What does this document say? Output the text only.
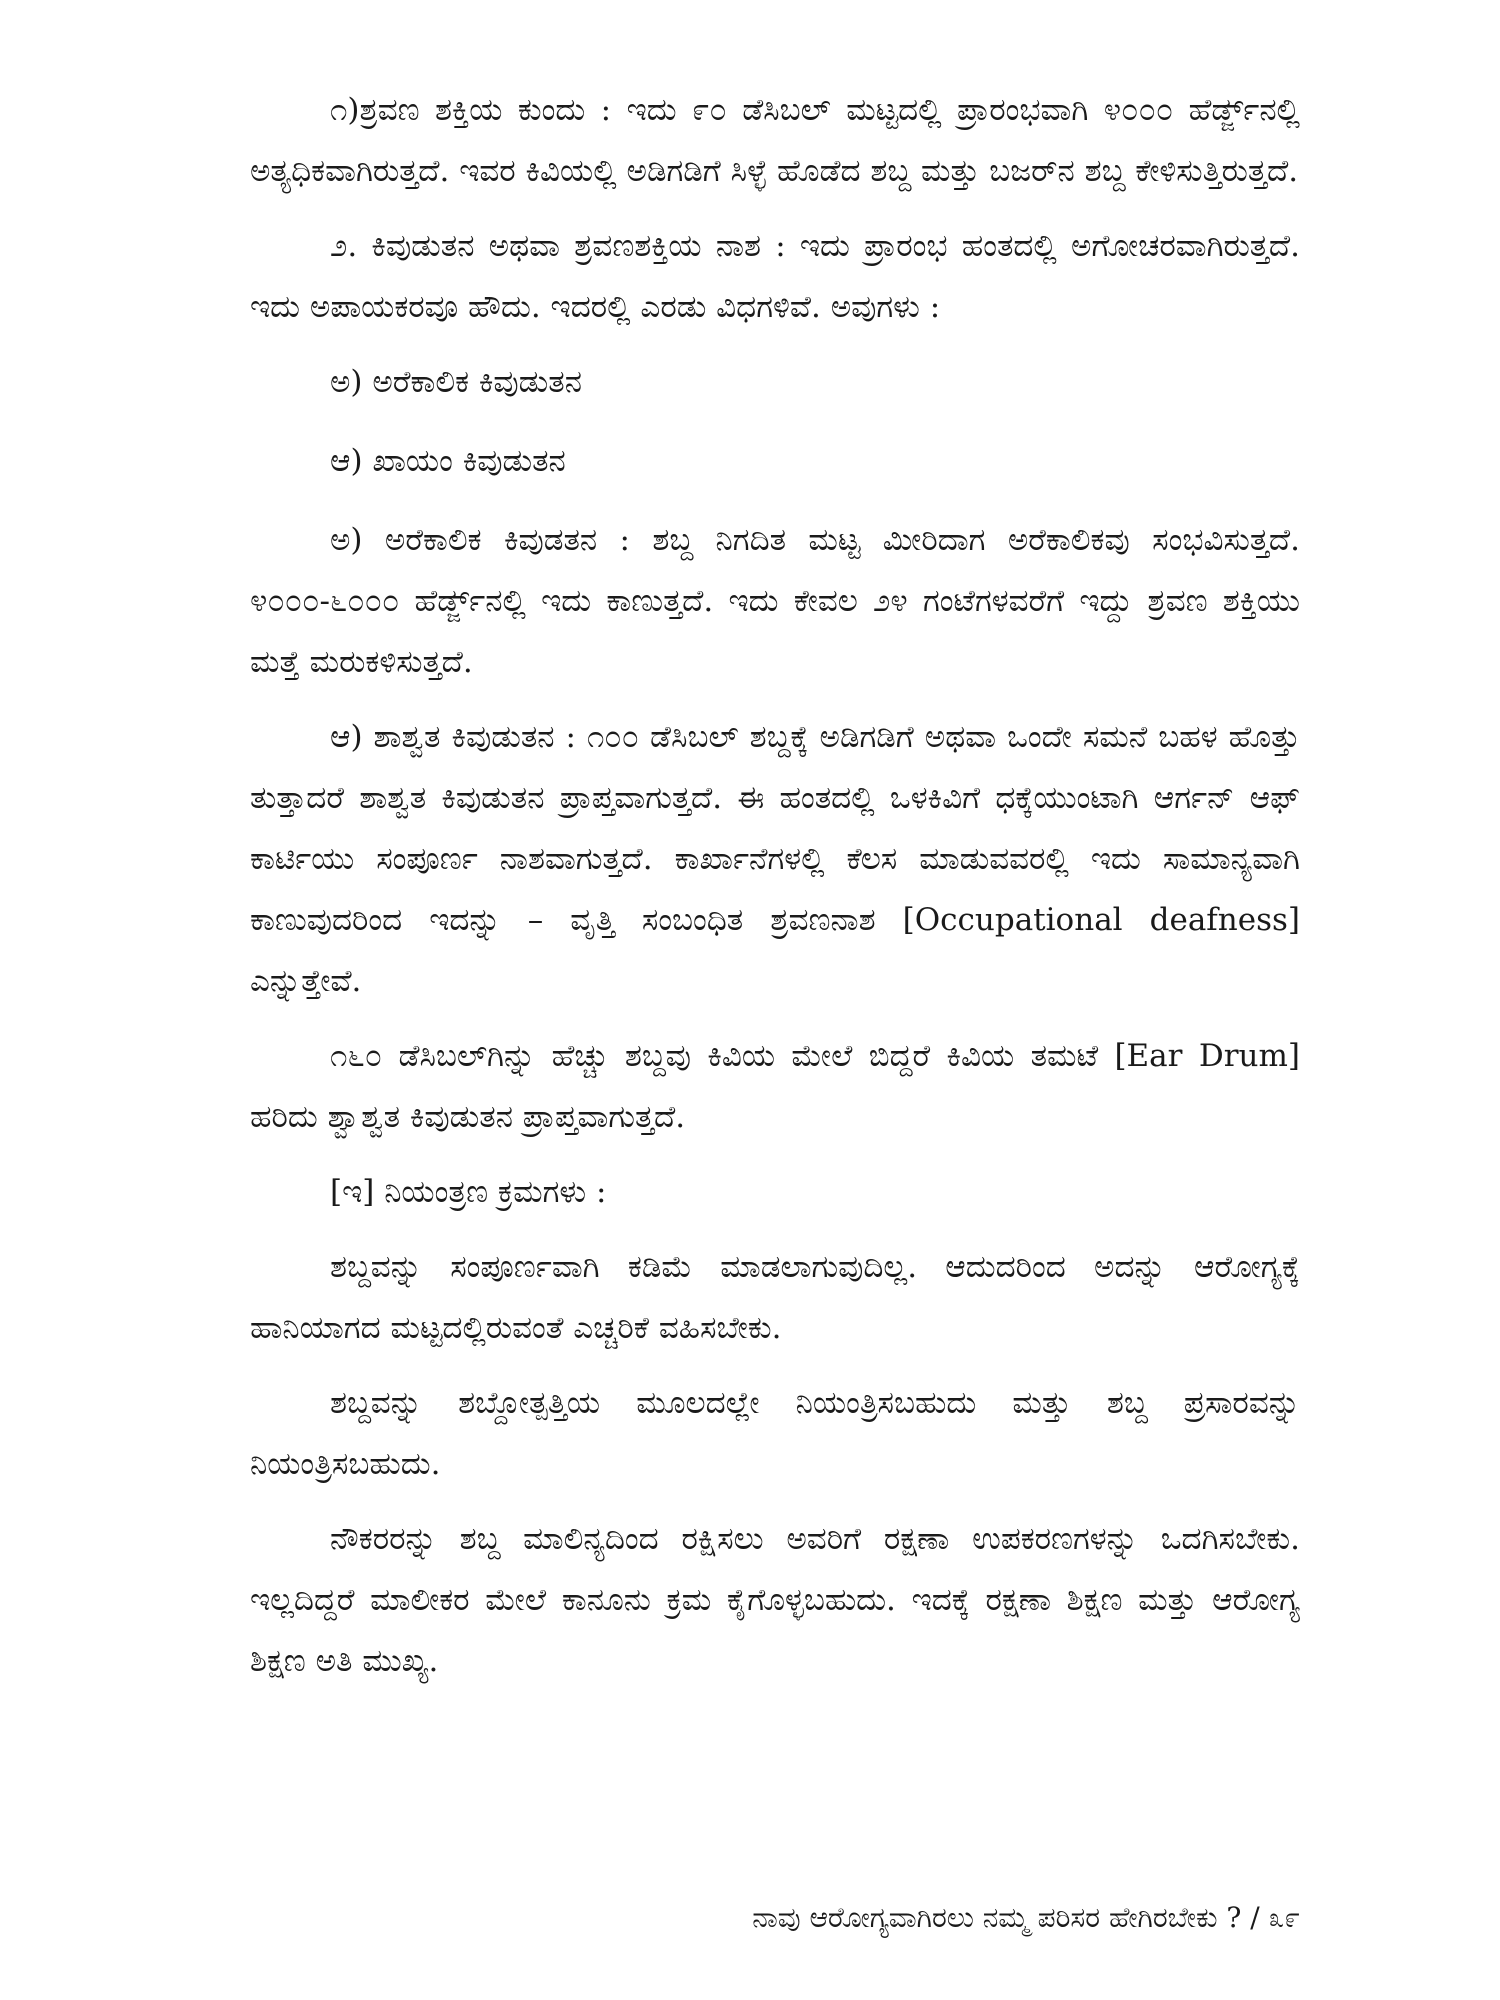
೧)ಶ್ರವಣ ಶಕ್ತಿಯ ಕುಂದು : ಇದು ೯೦ ಡೆಸಿಬಲ್ ಮಟ್ಟದಲ್ಲಿ ಪ್ರಾರಂಭವಾಗಿ ೪೦೦೦ ಹೆರ್ಡ್ಜ್‌ನಲ್ಲಿ ಅತ್ಯಧಿಕವಾಗಿರುತ್ತದೆ. ಇವರ ಕಿವಿಯಲ್ಲಿ ಅಡಿಗಡಿಗೆ ಸಿಳ್ಳೆ ಹೊಡೆದ ಶಬ್ದ ಮತ್ತು ಬಜರ್‌ನ ಶಬ್ದ ಕೇಳಿಸುತ್ತಿರುತ್ತದೆ.

೨. ಕಿವುಡುತನ ಅಥವಾ ಶ್ರವಣಶಕ್ತಿಯ ನಾಶ : ಇದು ಪ್ರಾರಂಭ ಹಂತದಲ್ಲಿ ಅಗೋಚರವಾಗಿರುತ್ತದೆ. ಇದು ಅಪಾಯಕರವೂ ಹೌದು. ಇದರಲ್ಲಿ ಎರಡು ವಿಧಗಳಿವೆ. ಅವುಗಳು :

ಅ) ಅರೆಕಾಲಿಕ ಕಿವುಡುತನ

ಆ) ಖಾಯಂ ಕಿವುಡುತನ

ಅ) ಅರೆಕಾಲಿಕ ಕಿವುಡತನ : ಶಬ್ದ ನಿಗದಿತ ಮಟ್ಟ ಮೀರಿದಾಗ ಅರೆಕಾಲಿಕವು ಸಂಭವಿಸುತ್ತದೆ. ೪೦೦೦-೬೦೦೦ ಹೆರ್ಡ್ಜ್‌ನಲ್ಲಿ ಇದು ಕಾಣುತ್ತದೆ. ಇದು ಕೇವಲ ೨೪ ಗಂಟೆಗಳವರೆಗೆ ಇದ್ದು ಶ್ರವಣ ಶಕ್ತಿಯು ಮತ್ತೆ ಮರುಕಳಿಸುತ್ತದೆ.

ಆ) ಶಾಶ್ವತ ಕಿವುಡುತನ : ೧೦೦ ಡೆಸಿಬಲ್ ಶಬ್ದಕ್ಕೆ ಅಡಿಗಡಿಗೆ ಅಥವಾ ಒಂದೇ ಸಮನೆ ಬಹಳ ಹೊತ್ತು ತುತ್ತಾದರೆ ಶಾಶ್ವತ ಕಿವುಡುತನ ಪ್ರಾಪ್ತವಾಗುತ್ತದೆ. ಈ ಹಂತದಲ್ಲಿ ಒಳಕಿವಿಗೆ ಧಕ್ಕೆಯುಂಟಾಗಿ ಆರ್ಗನ್ ಆಫ್ ಕಾರ್ಟಿಯು ಸಂಪೂರ್ಣ ನಾಶವಾಗುತ್ತದೆ. ಕಾರ್ಖಾನೆಗಳಲ್ಲಿ ಕೆಲಸ ಮಾಡುವವರಲ್ಲಿ ಇದು ಸಾಮಾನ್ಯವಾಗಿ ಕಾಣುವುದರಿಂದ ಇದನ್ನು – ವೃತ್ತಿ ಸಂಬಂಧಿತ ಶ್ರವಣನಾಶ [Occupational deafness] ಎನ್ನುತ್ತೇವೆ.

೧೬೦ ಡೆಸಿಬಲ್‌ಗಿನ್ನು ಹೆಚ್ಚು ಶಬ್ದವು ಕಿವಿಯ ಮೇಲೆ ಬಿದ್ದರೆ ಕಿವಿಯ ತಮಟೆ [Ear Drum] ಹರಿದು ಶ್ವಾಶ್ವತ ಕಿವುಡುತನ ಪ್ರಾಪ್ತವಾಗುತ್ತದೆ.

[ಇ] ನಿಯಂತ್ರಣ ಕ್ರಮಗಳು :

ಶಬ್ದವನ್ನು ಸಂಪೂರ್ಣವಾಗಿ ಕಡಿಮೆ ಮಾಡಲಾಗುವುದಿಲ್ಲ. ಆದುದರಿಂದ ಅದನ್ನು ಆರೋಗ್ಯಕ್ಕೆ ಹಾನಿಯಾಗದ ಮಟ್ಟದಲ್ಲಿರುವಂತೆ ಎಚ್ಚರಿಕೆ ವಹಿಸಬೇಕು.

ಶಬ್ದವನ್ನು ಶಬ್ದೋತ್ಪತ್ತಿಯ ಮೂಲದಲ್ಲೇ ನಿಯಂತ್ರಿಸಬಹುದು ಮತ್ತು ಶಬ್ದ ಪ್ರಸಾರವನ್ನು ನಿಯಂತ್ರಿಸಬಹುದು.

ನೌಕರರನ್ನು ಶಬ್ದ ಮಾಲಿನ್ಯದಿಂದ ರಕ್ಷಿಸಲು ಅವರಿಗೆ ರಕ್ಷಣಾ ಉಪಕರಣಗಳನ್ನು ಒದಗಿಸಬೇಕು. ಇಲ್ಲದಿದ್ದರೆ ಮಾಲೀಕರ ಮೇಲೆ ಕಾನೂನು ಕ್ರಮ ಕೈಗೊಳ್ಳಬಹುದು. ಇದಕ್ಕೆ ರಕ್ಷಣಾ ಶಿಕ್ಷಣ ಮತ್ತು ಆರೋಗ್ಯ ಶಿಕ್ಷಣ ಅತಿ ಮುಖ್ಯ.

ನಾವು ಆರೋಗ್ಯವಾಗಿರಲು ನಮ್ಮ ಪರಿಸರ ಹೇಗಿರಬೇಕು ? / ೩೯
